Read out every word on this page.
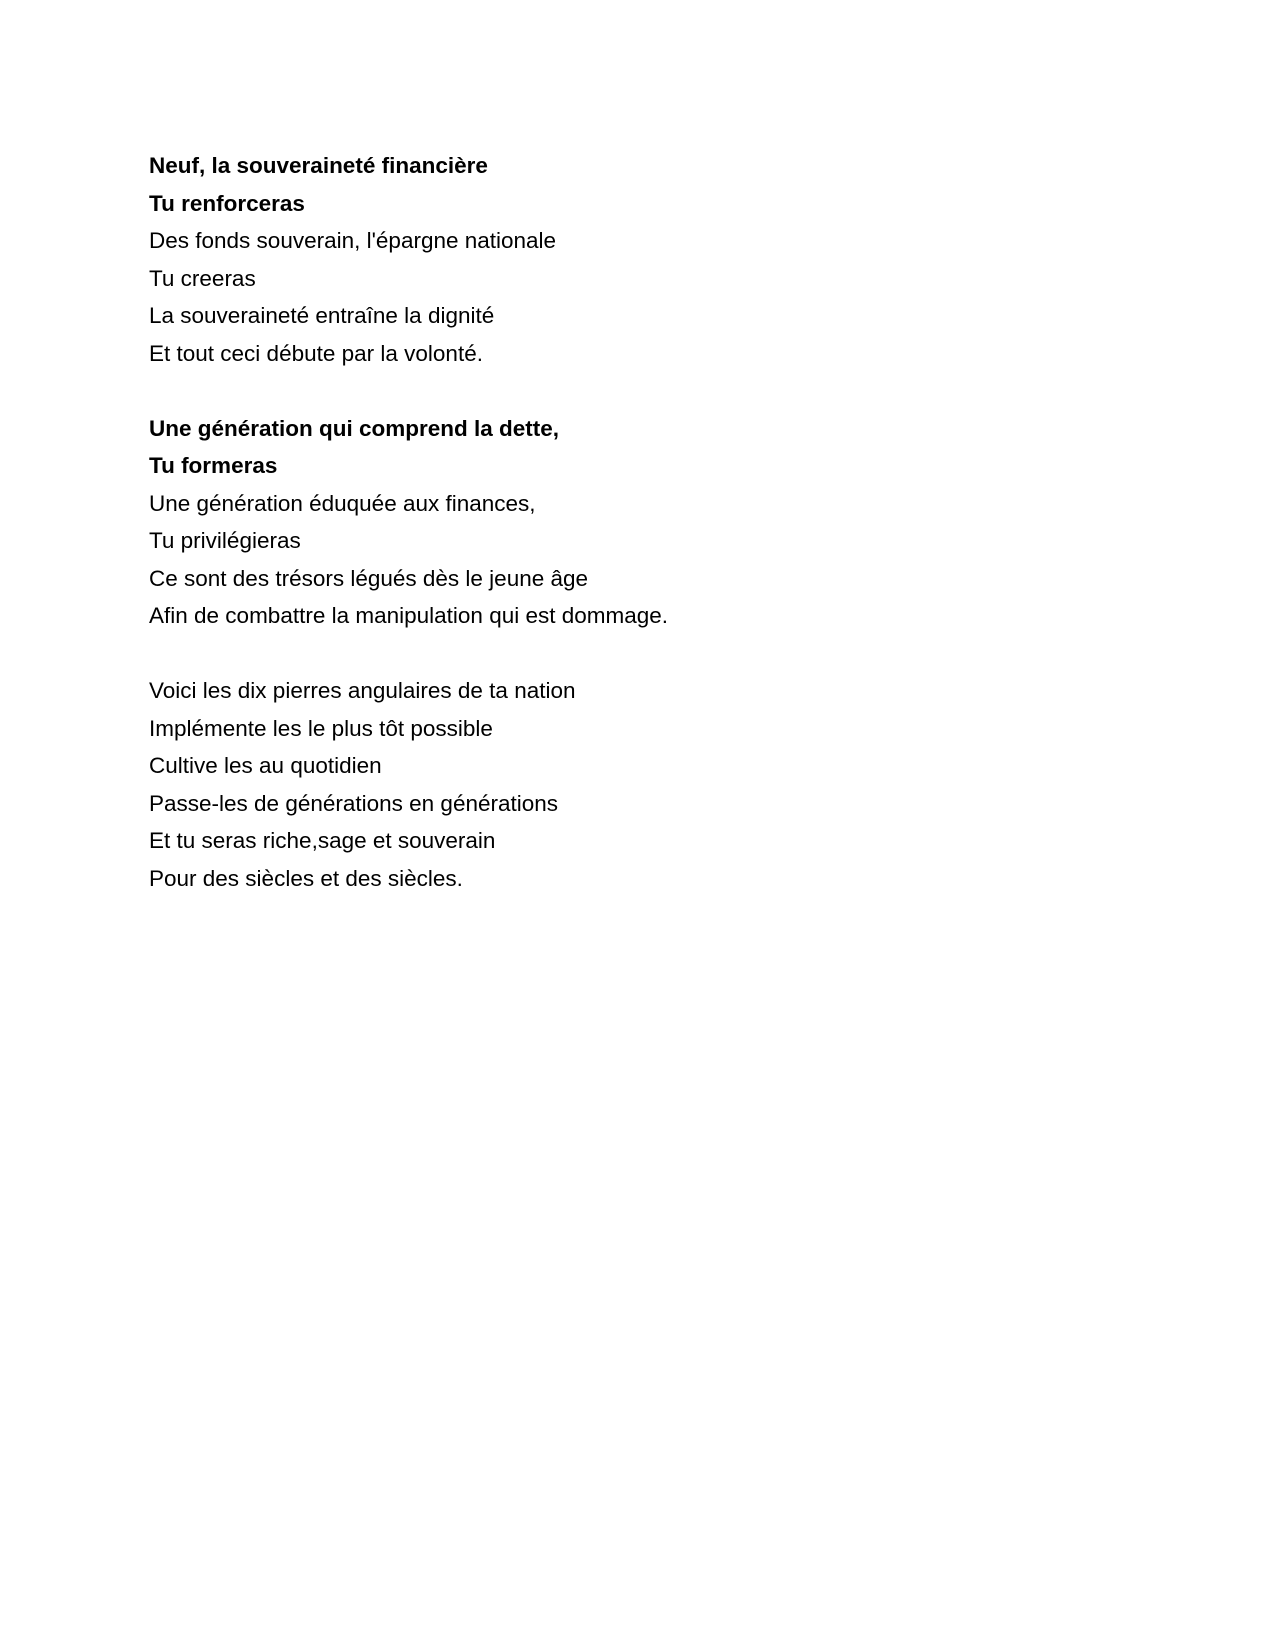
Neuf, la souveraineté financière
Tu renforceras
Des fonds souverain, l'épargne nationale
Tu creeras
La souveraineté entraîne la dignité
Et tout ceci débute par la volonté.
Une génération qui comprend la dette,
Tu formeras
Une génération éduquée aux finances,
Tu privilégieras
Ce sont des trésors légués dès le jeune âge
Afin de combattre la manipulation qui est dommage.
Voici les dix pierres angulaires de ta nation
Implémente les le plus tôt possible
Cultive les au quotidien
Passe-les de générations en générations
Et tu seras riche,sage et souverain
Pour des siècles et des siècles.
